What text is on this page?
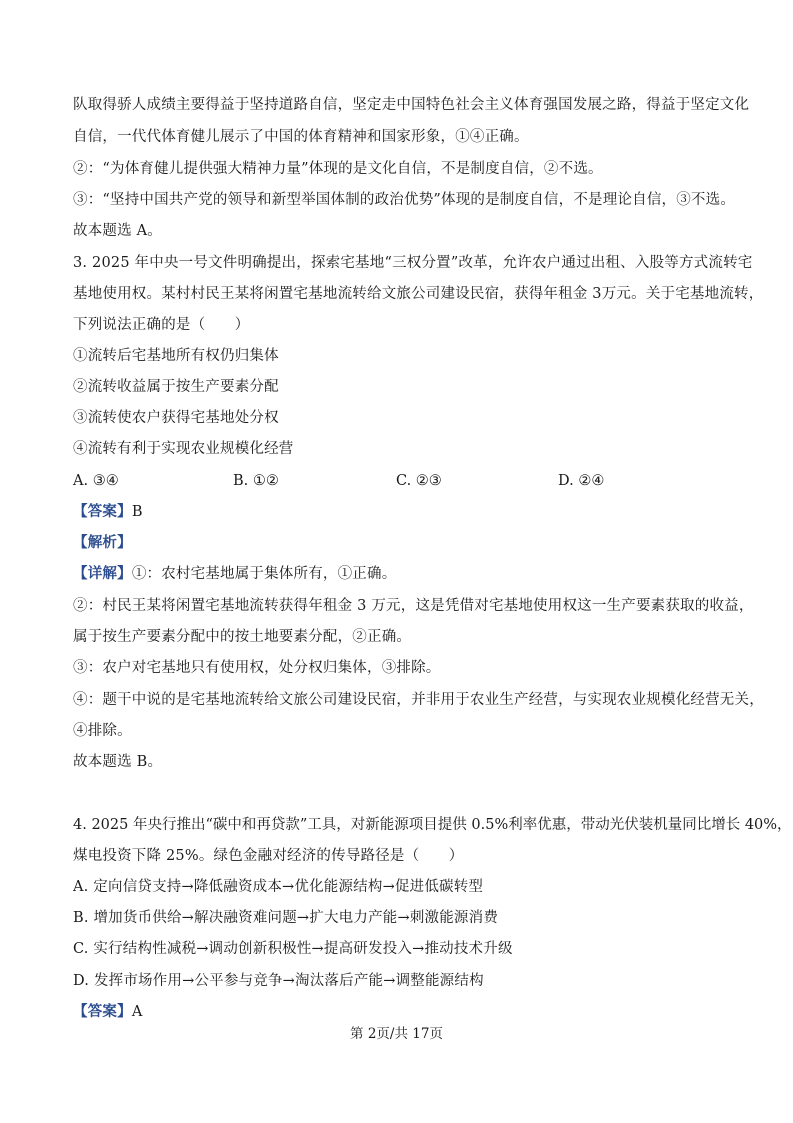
队取得骄人成绩主要得益于坚持道路自信，坚定走中国特色社会主义体育强国发展之路，得益于坚定文化
自信，一代代体育健儿展示了中国的体育精神和国家形象，①④正确。
②：“为体育健儿提供强大精神力量”体现的是文化自信，不是制度自信，②不选。
③：“坚持中国共产党的领导和新型举国体制的政治优势”体现的是制度自信，不是理论自信，③不选。
故本题选 A。
3. 2025 年中央一号文件明确提出，探索宅基地“三权分置”改革，允许农户通过出租、入股等方式流转宅
基地使用权。某村村民王某将闲置宅基地流转给文旅公司建设民宿，获得年租金 3万元。关于宅基地流转，
下列说法正确的是（　　）
①流转后宅基地所有权仍归集体
②流转收益属于按生产要素分配
③流转使农户获得宅基地处分权
④流转有利于实现农业规模化经营
A. ③④	B. ①②	C. ②③	D. ②④
【答案】B
【解析】
【详解】①：农村宅基地属于集体所有，①正确。
②：村民王某将闲置宅基地流转获得年租金 3 万元，这是凭借对宅基地使用权这一生产要素获取的收益，
属于按生产要素分配中的按土地要素分配，②正确。
③：农户对宅基地只有使用权，处分权归集体，③排除。
④：题干中说的是宅基地流转给文旅公司建设民宿，并非用于农业生产经营，与实现农业规模化经营无关，
④排除。
故本题选 B。
4. 2025 年央行推出“碳中和再贷款”工具，对新能源项目提供 0.5%利率优惠，带动光伏装机量同比增长 40%，
煤电投资下降 25%。绿色金融对经济的传导路径是（　　）
A. 定向信贷支持→降低融资成本→优化能源结构→促进低碳转型
B. 增加货币供给→解决融资难问题→扩大电力产能→刺激能源消费
C. 实行结构性减税→调动创新积极性→提高研发投入→推动技术升级
D. 发挥市场作用→公平参与竞争→淘汰落后产能→调整能源结构
【答案】A
第 2页/共 17页
